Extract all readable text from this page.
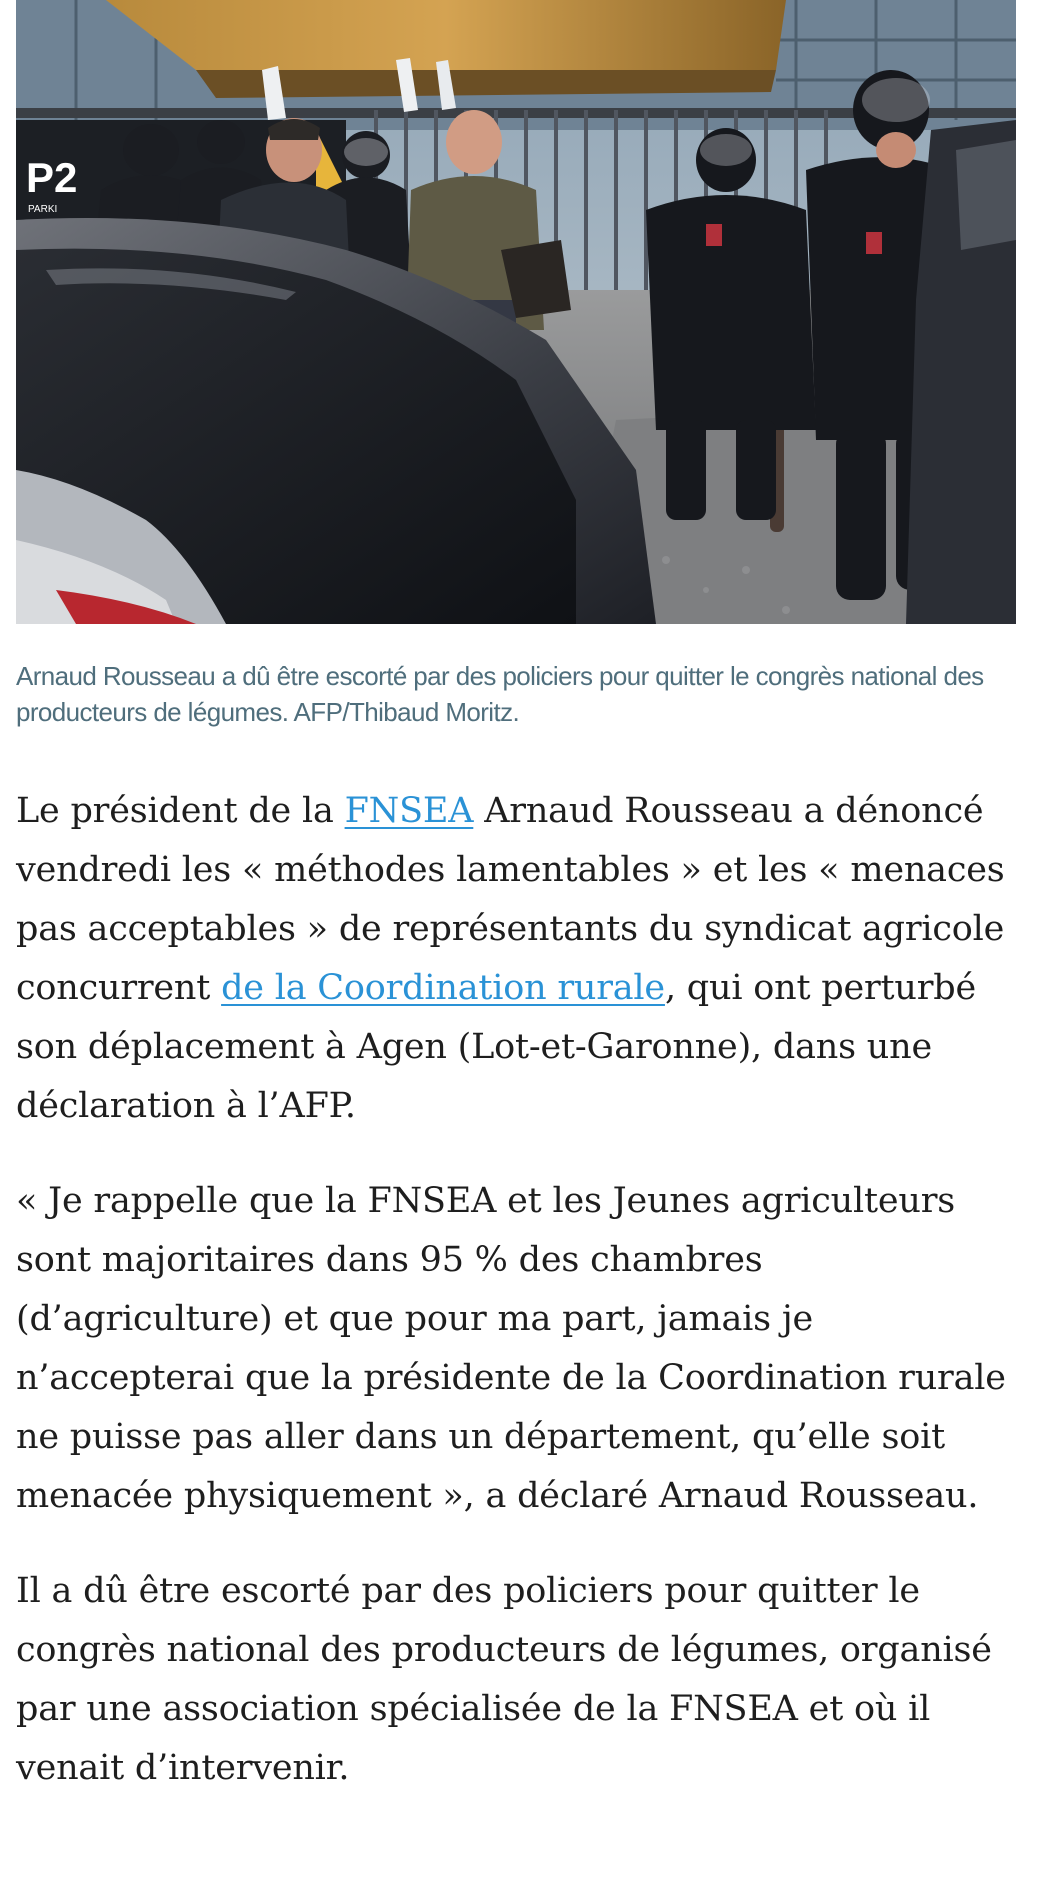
P2
PARKI
Arnaud Rousseau a dû être escorté par des policiers pour quitter le congrès national des producteurs de légumes. AFP/Thibaud Moritz.

Le président de la FNSEA Arnaud Rousseau a dénoncé vendredi les « méthodes lamentables » et les « menaces pas acceptables » de représentants du syndicat agricole concurrent de la Coordination rurale, qui ont perturbé son déplacement à Agen (Lot-et-Garonne), dans une déclaration à l’AFP.

« Je rappelle que la FNSEA et les Jeunes agriculteurs sont majoritaires dans 95 % des chambres (d’agriculture) et que pour ma part, jamais je n’accepterai que la présidente de la Coordination rurale ne puisse pas aller dans un département, qu’elle soit menacée physiquement », a déclaré Arnaud Rousseau.

Il a dû être escorté par des policiers pour quitter le congrès national des producteurs de légumes, organisé par une association spécialisée de la FNSEA et où il venait d’intervenir.
